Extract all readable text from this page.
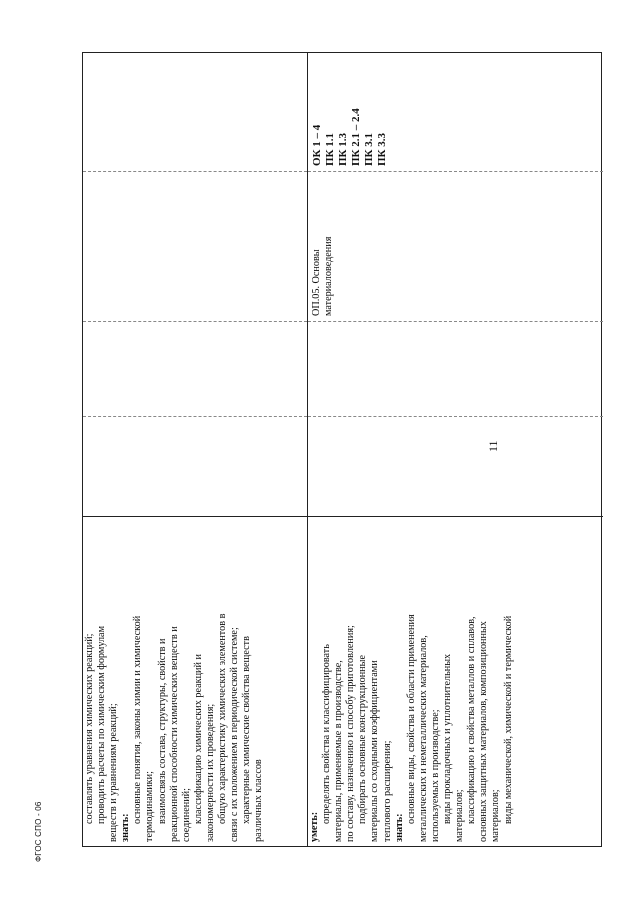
11
ФГОС СПО - 06

составлять уравнения химических реакций; проводить расчеты по химическим формулам веществ и уравнениям реакций; знать:

основные понятия, законы химии и химической термодинамики; взаимосвязь состава, структуры, свойств и реакционной способности химических веществ и соединений; классификацию химических реакций и закономерности их проведения; общую характеристику химических элементов в связи с их положением в периодической системе; характерные химические свойства веществ различных классов	уметь:

определять свойства и классифицировать материалы, применяемые в производстве, по составу, назначению и способу приготовления; подбирать основные конструкционные материалы со сходными коэффициентами теплового расширения; знать:

основные виды, свойства и области применения металлических и неметаллических материалов, используемых в производстве; виды прокладочных и уплотнительных материалов; классификацию и свойства металлов и сплавов, основных защитных материалов, композиционных материалов; виды механической, химической и термической

ОП.05. Основы материаловедения
ОК 1 – 4 ПК 1.1 ПК 1.3 ПК 2.1 – 2.4 ПК 3.1 ПК 3.3
